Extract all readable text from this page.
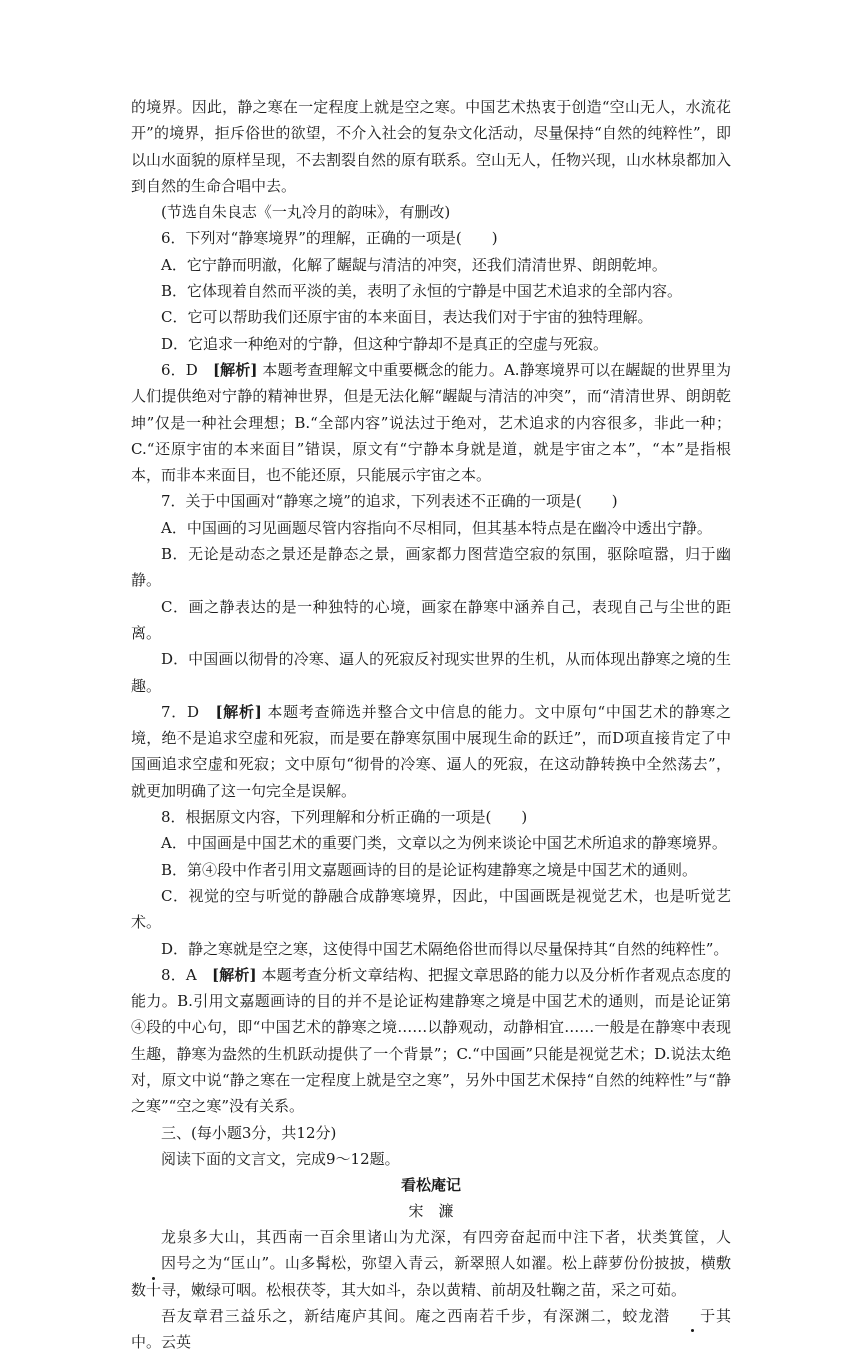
的境界。因此，静之寒在一定程度上就是空之寒。中国艺术热衷于创造“空山无人，水流花开”的境界，拒斥俗世的欲望，不介入社会的复杂文化活动，尽量保持“自然的纯粹性”，即以山水面貌的原样呈现，不去割裂自然的原有联系。空山无人，任物兴现，山水林泉都加入到自然的生命合唱中去。

(节选自朱良志《一丸冷月的韵味》，有删改)

6．下列对“静寒境界”的理解，正确的一项是(　　)

A．它宁静而明澈，化解了龌龊与清洁的冲突，还我们清清世界、朗朗乾坤。

B．它体现着自然而平淡的美，表明了永恒的宁静是中国艺术追求的全部内容。

C．它可以帮助我们还原宇宙的本来面目，表达我们对于宇宙的独特理解。

D．它追求一种绝对的宁静，但这种宁静却不是真正的空虚与死寂。

6．D　[解析] 本题考查理解文中重要概念的能力。A.静寒境界可以在龌龊的世界里为人们提供绝对宁静的精神世界，但是无法化解“龌龊与清洁的冲突”，而“清清世界、朗朗乾坤”仅是一种社会理想；B.“全部内容”说法过于绝对，艺术追求的内容很多，非此一种；C.“还原宇宙的本来面目”错误，原文有“宁静本身就是道，就是宇宙之本”，“本”是指根本，而非本来面目，也不能还原，只能展示宇宙之本。

7．关于中国画对“静寒之境”的追求，下列表述不正确的一项是(　　)

A．中国画的习见画题尽管内容指向不尽相同，但其基本特点是在幽冷中透出宁静。

B．无论是动态之景还是静态之景，画家都力图营造空寂的氛围，驱除喧嚣，归于幽静。

C．画之静表达的是一种独特的心境，画家在静寒中涵养自己，表现自己与尘世的距离。

D．中国画以彻骨的冷寒、逼人的死寂反衬现实世界的生机，从而体现出静寒之境的生趣。

7．D　[解析] 本题考查筛选并整合文中信息的能力。文中原句“中国艺术的静寒之境，绝不是追求空虚和死寂，而是要在静寒氛围中展现生命的跃迁”，而D项直接肯定了中国画追求空虚和死寂；文中原句“彻骨的冷寒、逼人的死寂，在这动静转换中全然荡去”，就更加明确了这一句完全是误解。

8．根据原文内容，下列理解和分析正确的一项是(　　)

A．中国画是中国艺术的重要门类，文章以之为例来谈论中国艺术所追求的静寒境界。

B．第④段中作者引用文嘉题画诗的目的是论证构建静寒之境是中国艺术的通则。

C．视觉的空与听觉的静融合成静寒境界，因此，中国画既是视觉艺术，也是听觉艺术。

D．静之寒就是空之寒，这使得中国艺术隔绝俗世而得以尽量保持其“自然的纯粹性”。

8．A　[解析] 本题考查分析文章结构、把握文章思路的能力以及分析作者观点态度的能力。B.引用文嘉题画诗的目的并不是论证构建静寒之境是中国艺术的通则，而是论证第④段的中心句，即“中国艺术的静寒之境……以静观动，动静相宜……一般是在静寒中表现生趣，静寒为盎然的生机跃动提供了一个背景”；C.“中国画”只能是视觉艺术；D.说法太绝对，原文中说“静之寒在一定程度上就是空之寒”，另外中国艺术保持“自然的纯粹性”与“静之寒”“空之寒”没有关系。

三、(每小题3分，共12分)

阅读下面的文言文，完成9～12题。

看松庵记

宋濂

龙泉多大山，其西南一百余里诸山为尤深，有四旁奋起而中注下者，状类箕筐，人因号之为“匡山”。山多髯松，弥望入青云，新翠照人如濯。松上薜萝份份披披，横敷数十寻，嫩绿可咽。松根茯苓，其大如斗，杂以黄精、前胡及牡鞠之苗，采之可茹。

吾友章君三益乐之，新结庵庐其间。庵之西南若千步，有深渊二，蛟龙潜 于其中。云英
